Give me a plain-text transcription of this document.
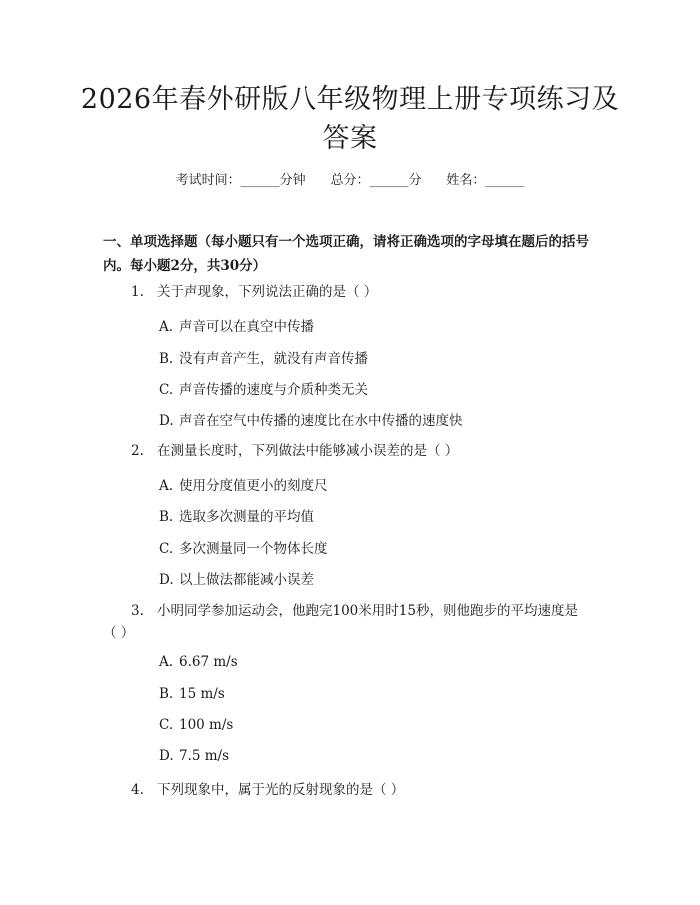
2026年春外研版八年级物理上册专项练习及
答案
考试时间：______分钟 总分：______分 姓名：______
一、单项选择题（每小题只有一个选项正确，请将正确选项的字母填在题后的括号内。每小题2分，共30分）
1. 关于声现象，下列说法正确的是（ ）
A. 声音可以在真空中传播
B. 没有声音产生，就没有声音传播
C. 声音传播的速度与介质种类无关
D. 声音在空气中传播的速度比在水中传播的速度快
2. 在测量长度时，下列做法中能够减小误差的是（ ）
A. 使用分度值更小的刻度尺
B. 选取多次测量的平均值
C. 多次测量同一个物体长度
D. 以上做法都能减小误差
3. 小明同学参加运动会，他跑完100米用时15秒，则他跑步的平均速度是
（ ）
A. 6.67 m/s
B. 15 m/s
C. 100 m/s
D. 7.5 m/s
4. 下列现象中，属于光的反射现象的是（ ）
